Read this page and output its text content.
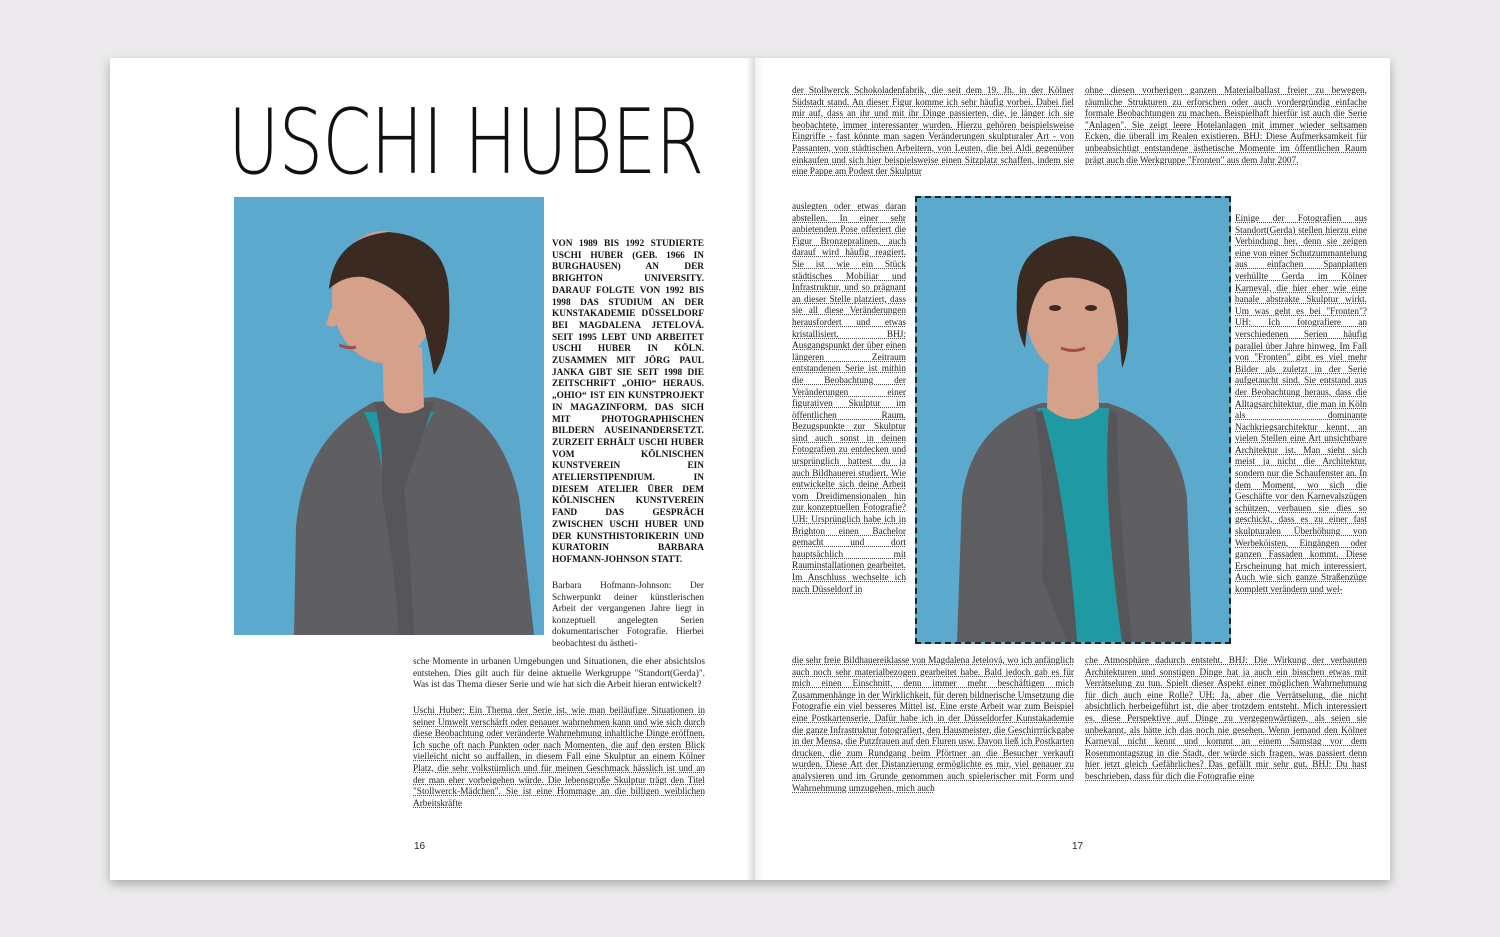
USCHI HUBER

VON 1989 BIS 1992 STUDIERTE USCHI HUBER (GEB. 1966 IN BURGHAUSEN) AN DER BRIGHTON UNIVERSITY. DARAUF FOLGTE VON 1992 BIS 1998 DAS STUDIUM AN DER KUNSTAKADEMIE DÜSSELDORF BEI MAGDALENA JETELOVÁ. SEIT 1995 LEBT UND ARBEITET USCHI HUBER IN KÖLN. ZUSAMMEN MIT JÖRG PAUL JANKA GIBT SIE SEIT 1998 DIE ZEITSCHRIFT „OHIO“ HERAUS. „OHIO“ IST EIN KUNSTPROJEKT IN MAGAZINFORM, DAS SICH MIT PHOTOGRAPHISCHEN BILDERN AUSEINANDERSETZT. ZURZEIT ERHÄLT USCHI HUBER VOM KÖLNISCHEN KUNSTVEREIN EIN ATELIERSTIPENDIUM. IN DIESEM ATELIER ÜBER DEM KÖLNISCHEN KUNSTVEREIN FAND DAS GESPRÄCH ZWISCHEN USCHI HUBER UND DER KUNSTHISTORIKERIN UND KURATORIN BARBARA HOFMANN-JOHNSON STATT.

Barbara Hofmann-Johnson: Der Schwerpunkt deiner künstlerischen Arbeit der vergangenen Jahre liegt in konzeptuell angelegten Serien dokumentarischer Fotografie. Hierbei beobachtest du ästheti-

sche Momente in urbanen Umgebungen und Situationen, die eher absichtslos entstehen. Dies gilt auch für deine aktuelle Werkgruppe "Standort(Gerda)". Was ist das Thema dieser Serie und wie hat sich die Arbeit hieran entwickelt?

Uschi Huber: Ein Thema der Serie ist, wie man beiläufige Situationen in seiner Umwelt verschärft oder genauer wahrnehmen kann und wie sich durch diese Beobachtung oder veränderte Wahrnehmung inhaltliche Dinge eröffnen. Ich suche oft nach Punkten oder nach Momenten, die auf den ersten Blick vielleicht nicht so auffallen, in diesem Fall eine Skulptur an einem Kölner Platz, die sehr volkstümlich und für meinen Geschmack hässlich ist und an der man eher vorbeigehen würde. Die lebensgroße Skulptur trägt den Titel "Stollwerck-Mädchen". Sie ist eine Hommage an die billigen weiblichen Arbeitskräfte

16

der Stollwerck Schokoladenfabrik, die seit dem 19. Jh. in der Kölner Südstadt stand. An dieser Figur komme ich sehr häufig vorbei. Dabei fiel mir auf, dass an ihr und mit ihr Dinge passierten, die, je länger ich sie beobachtete, immer interessanter wurden. Hierzu gehören beispielsweise Eingriffe - fast könnte man sagen Veränderungen skulpturaler Art - von Passanten, von städtischen Arbeitern, von Leuten, die bei Aldi gegenüber einkaufen und sich hier beispielsweise einen Sitzplatz schaffen, indem sie eine Pappe am Podest der Skulptur

auslegten oder etwas daran abstellen. In einer sehr anbietenden Pose offeriert die Figur Bronzepralinen, auch darauf wird häufig reagiert. Sie ist wie ein Stück städtisches Mobiliar und Infrastruktur, und so prägnant an dieser Stelle platziert, dass sie all diese Veränderungen herausfordert und etwas kristallisiert. BHJ: Ausgangspunkt der über einen längeren Zeitraum entstandenen Serie ist mithin die Beobachtung der Veränderungen einer figurativen Skulptur im öffentlichen Raum. Bezugspunkte zur Skulptur sind auch sonst in deinen Fotografien zu entdecken und ursprünglich hattest du ja auch Bildhauerei studiert. Wie entwickelte sich deine Arbeit vom Dreidimensionalen hin zur konzeptuellen Fotografie? UH: Ursprünglich habe ich in Brighton einen Bachelor gemacht und dort hauptsächlich mit Rauminstallationen gearbeitet. Im Anschluss wechselte ich nach Düsseldorf in

die sehr freie Bildhauereiklasse von Magdalena Jetelová, wo ich anfänglich auch noch sehr materialbezogen gearbeitet habe. Bald jedoch gab es für mich einen Einschnitt, denn immer mehr beschäftigen mich Zusammenhänge in der Wirklichkeit, für deren bildnerische Umsetzung die Fotografie ein viel besseres Mittel ist. Eine erste Arbeit war zum Beispiel eine Postkartenserie. Dafür habe ich in der Düsseldorfer Kunstakademie die ganze Infrastruktur fotografiert, den Hausmeister, die Geschirrrückgabe in der Mensa, die Putzfrauen auf den Fluren usw. Davon ließ ich Postkarten drucken, die zum Rundgang beim Pförtner an die Besucher verkauft wurden. Diese Art der Distanzierung ermöglichte es mir, viel genauer zu analysieren und im Grunde genommen auch spielerischer mit Form und Wahrnehmung umzugehen, mich auch

ohne diesen vorherigen ganzen Materialballast freier zu bewegen, räumliche Strukturen zu erforschen oder auch vordergründig einfache formale Beobachtungen zu machen. Beispielhaft hierfür ist auch die Serie "Anlagen". Sie zeigt leere Hotelanlagen mit immer wieder seltsamen Ecken, die überall im Realen existieren. BHJ: Diese Aufmerksamkeit für unbeabsichtigt entstandene ästhetische Momente im öffentlichen Raum prägt auch die Werkgruppe "Fronten" aus dem Jahr 2007.

Einige der Fotografien aus Standort(Gerda) stellen hierzu eine Verbindung her, denn sie zeigen eine von einer Schutzummantelung aus einfachen Spanplatten verhüllte Gerda im Kölner Karneval, die hier eher wie eine banale abstrakte Skulptur wirkt. Um was geht es bei "Fronten"? UH: Ich fotografiere an verschiedenen Serien häufig parallel über Jahre hinweg. Im Fall von "Fronten" gibt es viel mehr Bilder als zuletzt in der Serie aufgetaucht sind. Sie entstand aus der Beobachtung heraus, dass die Alltagsarchitektur, die man in Köln als dominante Nachkriegsarchitektur kennt, an vielen Stellen eine Art unsichtbare Architektur ist. Man sieht sich meist ja nicht die Architektur, sondern nur die Schaufenster an. In dem Moment, wo sich die Geschäfte vor den Karnevalszügen schützen, verbauen sie dies so geschickt, dass es zu einer fast skulpturalen Überhöhung von Werbeköisten, Eingängen oder ganzen Fassaden kommt. Diese Erscheinung hat mich interessiert. Auch wie sich ganze Straßenzüge komplett verändern und wel-

che Atmosphäre dadurch entsteht. BHJ: Die Wirkung der verbauten Architekturen und sonstigen Dinge hat ja auch ein bisschen etwas mit Verrätselung zu tun. Spielt dieser Aspekt einer möglichen Wahrnehmung für dich auch eine Rolle? UH: Ja, aber die Verrätselung, die nicht absichtlich herbeigeführt ist, die aber trotzdem entsteht. Mich interessiert es, diese Perspektive auf Dinge zu vergegenwärtigen, als seien sie unbekannt, als hätte ich das noch nie gesehen. Wenn jemand den Kölner Karneval nicht kennt und kommt an einem Samstag vor dem Rosenmontagszug in die Stadt, der würde sich fragen, was passiert denn hier jetzt gleich Gefährliches? Das gefällt mir sehr gut. BHJ: Du hast beschrieben, dass für dich die Fotografie eine

17
